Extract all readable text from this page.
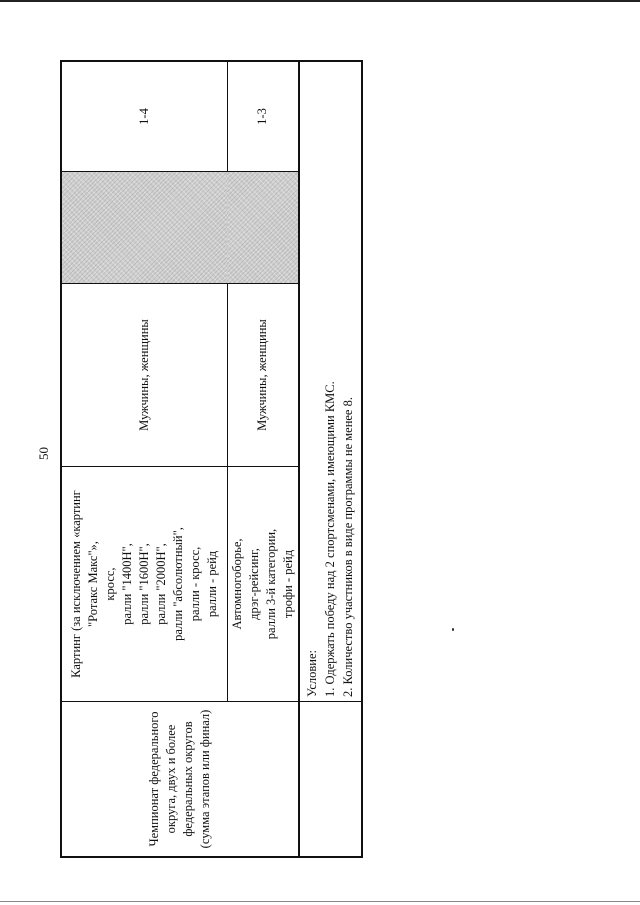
50
Картинг (за исключением «картинг
"Ротакс Макс"»,
кросс,
ралли "1400Н",
ралли "1600Н",
ралли "2000Н",
ралли "абсолютный",
ралли - кросс,
ралли - рейд
Мужчины, женщины
1-4
Автомногоборье,
дрэг-рейсинг,
ралли 3-й категории,
трофи - рейд
Мужчины, женщины
1-3
Чемпионат федерального
округа, двух и более
федеральных округов
(сумма этапов или финал)
Условие: 1. Одержать победу над 2 спортсменами, имеющими КМС. 2. Количество участников в виде программы не менее 8.
